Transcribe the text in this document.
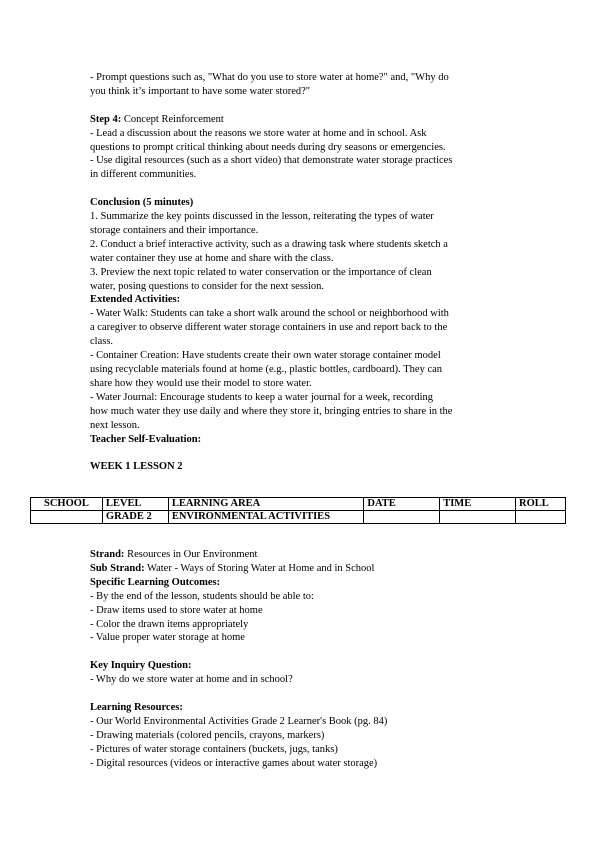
- Prompt questions such as, "What do you use to store water at home?" and, "Why do

you think it’s important to have some water stored?"

Step 4: Concept Reinforcement

- Lead a discussion about the reasons we store water at home and in school. Ask

questions to prompt critical thinking about needs during dry seasons or emergencies.

- Use digital resources (such as a short video) that demonstrate water storage practices

in different communities.

Conclusion (5 minutes)

1. Summarize the key points discussed in the lesson, reiterating the types of water

storage containers and their importance.

2. Conduct a brief interactive activity, such as a drawing task where students sketch a

water container they use at home and share with the class.

3. Preview the next topic related to water conservation or the importance of clean

water, posing questions to consider for the next session.

Extended Activities:

- Water Walk: Students can take a short walk around the school or neighborhood with

a caregiver to observe different water storage containers in use and report back to the

class.

- Container Creation: Have students create their own water storage container model

using recyclable materials found at home (e.g., plastic bottles, cardboard). They can

share how they would use their model to store water.

- Water Journal: Encourage students to keep a water journal for a week, recording

how much water they use daily and where they store it, bringing entries to share in the

next lesson.

Teacher Self-Evaluation:

WEEK 1 LESSON 2

SCHOOL	LEVEL	LEARNING AREA	DATE	TIME	ROLL
	GRADE 2	ENVIRONMENTAL ACTIVITIES			

Strand: Resources in Our Environment

Sub Strand: Water - Ways of Storing Water at Home and in School

Specific Learning Outcomes:

- By the end of the lesson, students should be able to:

- Draw items used to store water at home

- Color the drawn items appropriately

- Value proper water storage at home

Key Inquiry Question:

- Why do we store water at home and in school?

Learning Resources:

- Our World Environmental Activities Grade 2 Learner's Book (pg. 84)

- Drawing materials (colored pencils, crayons, markers)

- Pictures of water storage containers (buckets, jugs, tanks)

- Digital resources (videos or interactive games about water storage)
